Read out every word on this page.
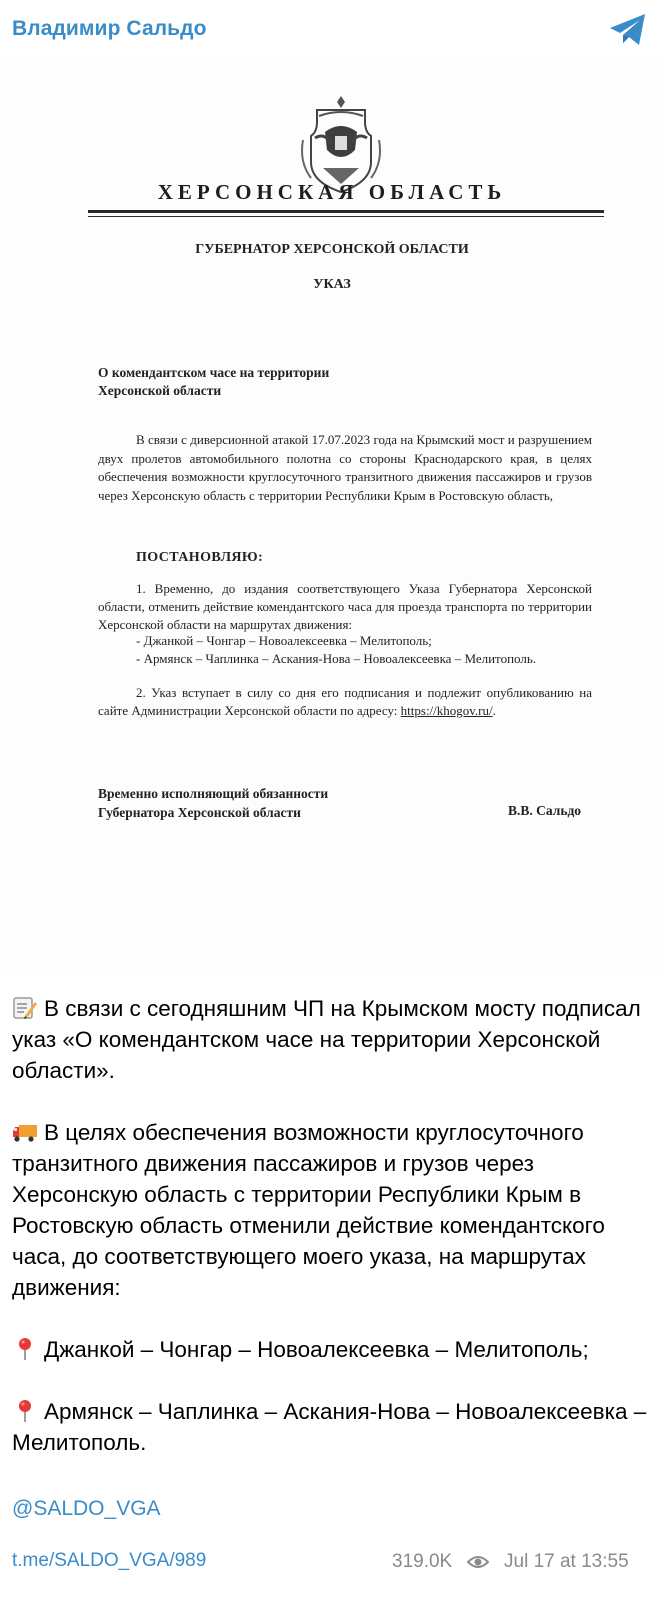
Владимир Сальдо
ХЕРСОНСКАЯ ОБЛАСТЬ
ГУБЕРНАТОР ХЕРСОНСКОЙ ОБЛАСТИ
УКАЗ
О комендантском часе на территории
Херсонской области
В связи с диверсионной атакой 17.07.2023 года на Крымский мост и разрушением двух пролетов автомобильного полотна со стороны Краснодарского края, в целях обеспечения возможности круглосуточного транзитного движения пассажиров и грузов через Херсонскую область с территории Республики Крым в Ростовскую область,
ПОСТАНОВЛЯЮ:
1. Временно, до издания соответствующего Указа Губернатора Херсонской области, отменить действие комендантского часа для проезда транспорта по территории Херсонской области на маршрутах движения:
- Джанкой – Чонгар – Новоалексеевка – Мелитополь;
- Армянск – Чаплинка – Аскания-Нова – Новоалексеевка – Мелитополь.
2. Указ вступает в силу со дня его подписания и подлежит опубликованию на сайте Администрации Херсонской области по адресу: https://khogov.ru/.
Временно исполняющий обязанности
Губернатора Херсонской области	В.В. Сальдо

В связи с сегодняшним ЧП на Крымском мосту подписал указ «О комендантском часе на территории Херсонской области».

В целях обеспечения возможности круглосуточного транзитного движения пассажиров и грузов через Херсонскую область с территории Республики Крым в Ростовскую область отменили действие комендантского часа, до соответствующего моего указа, на маршрутах движения:

Джанкой – Чонгар – Новоалексеевка – Мелитополь;

Армянск – Чаплинка – Аскания-Нова – Новоалексеевка – Мелитополь.

@SALDO_VGA
t.me/SALDO_VGA/989	319.0K	Jul 17 at 13:55
